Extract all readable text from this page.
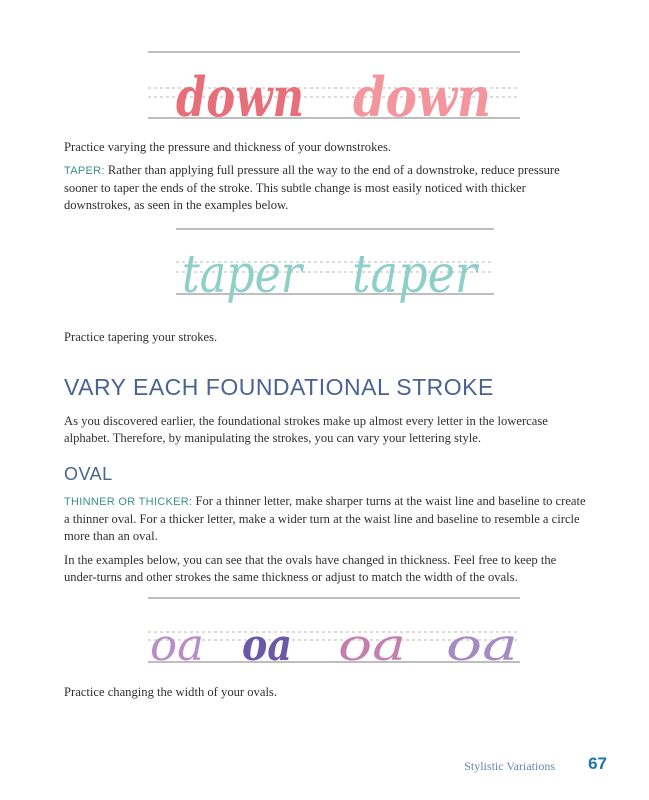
down down

Practice varying the pressure and thickness of your downstrokes.

TAPER: Rather than applying full pressure all the way to the end of a downstroke, reduce pressure sooner to taper the ends of the stroke. This subtle change is most easily noticed with thicker downstrokes, as seen in the examples below.

taper taper

Practice tapering your strokes.

VARY EACH FOUNDATIONAL STROKE

As you discovered earlier, the foundational strokes make up almost every letter in the lowercase alphabet. Therefore, by manipulating the strokes, you can vary your lettering style.

OVAL

THINNER OR THICKER: For a thinner letter, make sharper turns at the waist line and baseline to create a thinner oval. For a thicker letter, make a wider turn at the waist line and baseline to resemble a circle more than an oval.

In the examples below, you can see that the ovals have changed in thickness. Feel free to keep the under-turns and other strokes the same thickness or adjust to match the width of the ovals.

oa oa oa oa

Practice changing the width of your ovals.

Stylistic Variations 67
